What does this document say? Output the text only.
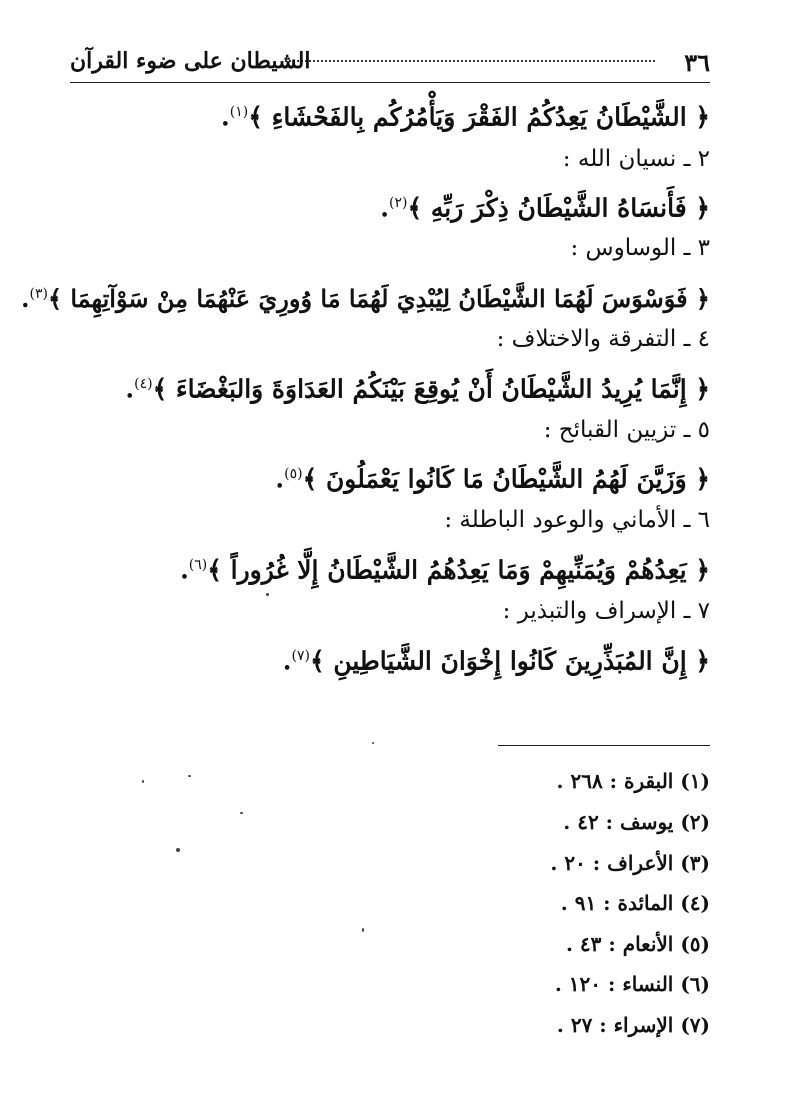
٣٦
الشيطان على ضوء القرآن
﴿ الشَّيْطَانُ يَعِدُكُمُ الفَقْرَ وَيَأْمُرُكُم بِالفَحْشَاءِ ﴾$^{(١)}$.
٢ ـ نسيان الله :
﴿ فَأَنسَاهُ الشَّيْطَانُ ذِكْرَ رَبِّهِ ﴾$^{(٢)}$.
٣ ـ الوساوس :
﴿ فَوَسْوَسَ لَهُمَا الشَّيْطَانُ لِيُبْدِيَ لَهُمَا مَا وُورِيَ عَنْهُمَا مِنْ سَوْآتِهِمَا ﴾$^{(٣)}$.
٤ ـ التفرقة والاختلاف :
﴿ إِنَّمَا يُرِيدُ الشَّيْطَانُ أَنْ يُوقِعَ بَيْنَكُمُ العَدَاوَةَ وَالبَغْضَاءَ ﴾$^{(٤)}$.
٥ ـ تزيين القبائح :
﴿ وَزَيَّنَ لَهُمُ الشَّيْطَانُ مَا كَانُوا يَعْمَلُونَ ﴾$^{(٥)}$.
٦ ـ الأماني والوعود الباطلة :
﴿ يَعِدُهُمْ وَيُمَنِّيهِمْ وَمَا يَعِدُهُمُ الشَّيْطَانُ إِلَّا غُرُوراً ﴾$^{(٦)}$.
٧ ـ الإسراف والتبذير :
﴿ إِنَّ المُبَذِّرِينَ كَانُوا إِخْوَانَ الشَّيَاطِينِ ﴾$^{(٧)}$.
(١) البقرة : ٢٦٨ .
(٢) يوسف : ٤٢ .
(٣) الأعراف : ٢٠ .
(٤) المائدة : ٩١ .
(٥) الأنعام : ٤٣ .
(٦) النساء : ١٢٠ .
(٧) الإسراء : ٢٧ .
